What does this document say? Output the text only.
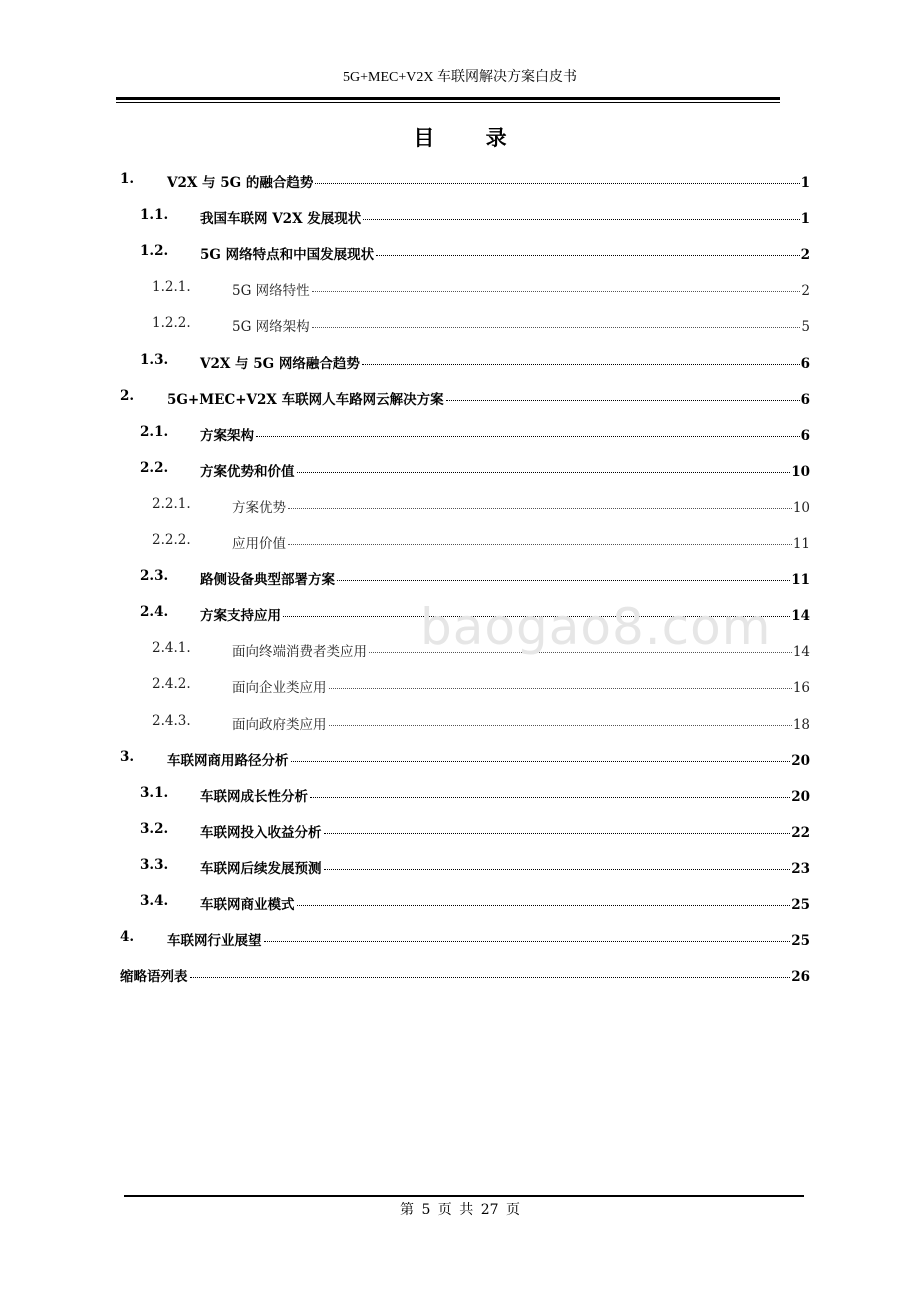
5G+MEC+V2X 车联网解决方案白皮书
目 录
1. V2X 与 5G 的融合趋势	1
1.1. 我国车联网 V2X 发展现状	1
1.2. 5G 网络特点和中国发展现状	2
1.2.1.	5G 网络特性	2
1.2.2.	5G 网络架构	5
1.3. V2X 与 5G 网络融合趋势	6
2. 5G+MEC+V2X 车联网人车路网云解决方案	6
2.1. 方案架构	6
2.2. 方案优势和价值	10
2.2.1.	方案优势	10
2.2.2.	应用价值	11
2.3. 路侧设备典型部署方案	11
2.4. 方案支持应用	14
2.4.1.	面向终端消费者类应用	14
2.4.2.	面向企业类应用	16
2.4.3.	面向政府类应用	18
3. 车联网商用路径分析	20
3.1. 车联网成长性分析	20
3.2. 车联网投入收益分析	22
3.3. 车联网后续发展预测	23
3.4. 车联网商业模式	25
4. 车联网行业展望	25
缩略语列表	26
baogao8.com
第 5 页 共 27 页
